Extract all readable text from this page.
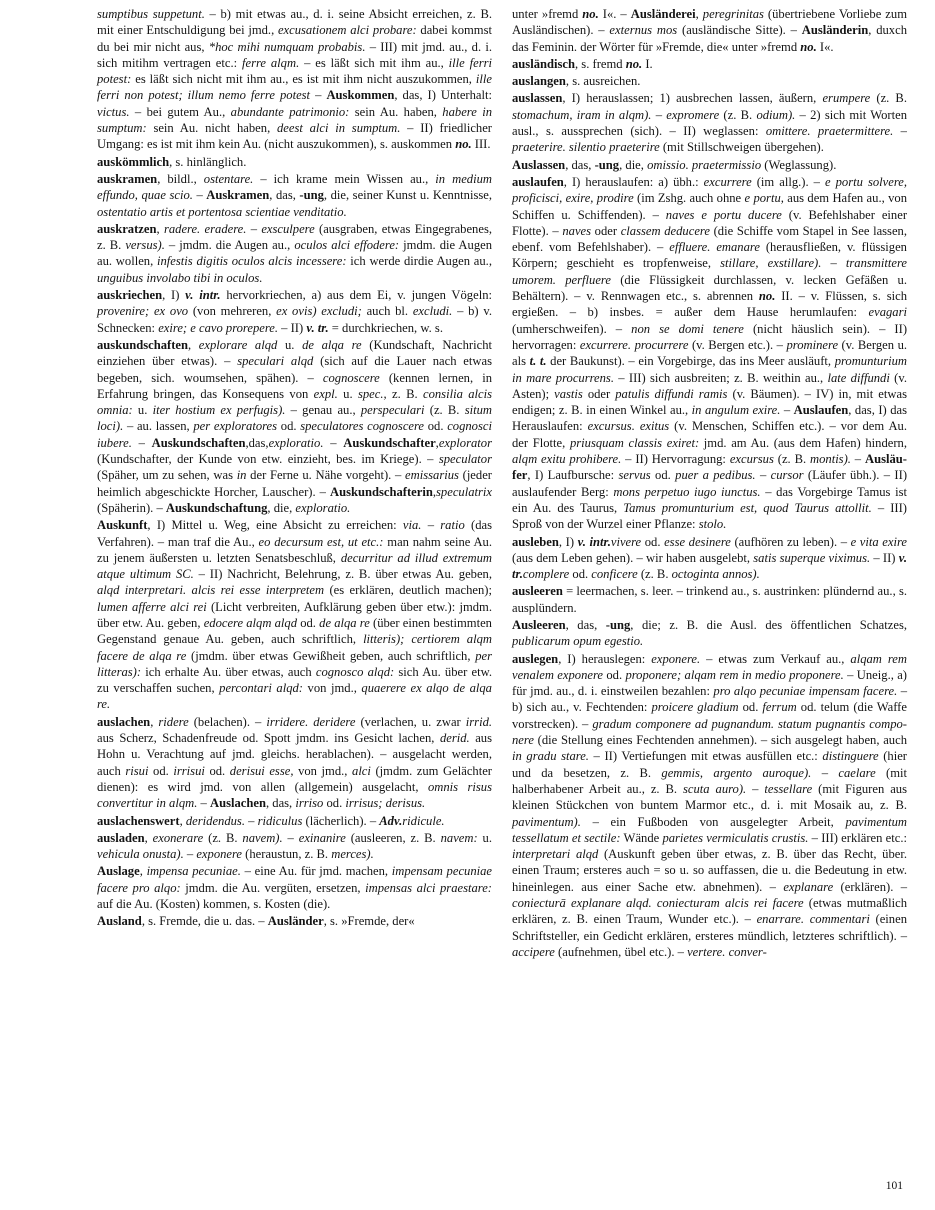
sumptibus suppetunt. – b) mit etwas au., d. i. seine Absicht erreichen, z. B. mit einer Entschuldigung bei jmd., excusationem alci probare: dabei kommst du bei mir nicht aus, *hoc mihi numquam probabis. – III) mit jmd. au., d. i. sich mitihm vertragen etc.: ferre alqm. – es läßt sich mit ihm au., ille ferri potest: es läßt sich nicht mit ihm au., es ist mit ihm nicht auszukommen, ille ferri non potest; illum nemo ferre potest – Auskommen, das, I) Unterhalt: victus. – bei gutem Au., abundante patrimonio: sein Au. haben, habere in sumptum: sein Au. nicht haben, deest alci in sumptum. – II) friedlicher Umgang: es ist mit ihm kein Au. (nicht auszukommen), s. auskommen no. III.

auskömmlich, s. hinlänglich.

auskramen, bildl., ostentare. – ich krame mein Wissen au., in medium effundo, quae scio. – Auskramen, das, -ung, die, seiner Kunst u. Kenntnisse, ostentatio artis et portentosa scientiae venditatio.

auskratzen, radere. eradere. – exsculpere (ausgraben, etwas Eingegrabenes, z. B. versus). – jmdm. die Augen au., oculos alci effodere: jmdm. die Augen au. wollen, infestis digitis oculos alcis incessere: ich werde dirdie Augen au., unguibus involabo tibi in oculos.

auskriechen, I) v. intr. hervorkriechen, a) aus dem Ei, v. jungen Vögeln: provenire; ex ovo (von mehreren, ex ovis) excludi; auch bl. excludi. – b) v. Schnecken: exire; e cavo prorepere. – II) v. tr. = durchkriechen, w. s.

auskundschaften, explorare alqd u. de alqa re (Kundschaft, Nachricht einziehen über etwas). – speculari alqd (sich auf die Lauer nach etwas begeben, sich. woumsehen, spähen). – cognoscere (kennen lernen, in Erfahrung bringen, das Konsequens von expl. u. spec., z. B. consilia alcis omnia: u. iter hostium ex perfugis). – genau au., perspeculari (z. B. situm loci). – au. lassen, per exploratores od. speculatores cognoscere od. cognosci iubere. – Auskundschaften,das,exploratio. – Auskundschafter,explorator (Kundschafter, der Kunde von etw. einzieht, bes. im Kriege). – speculator (Späher, um zu sehen, was in der Ferne u. Nähe vorgeht). – emissarius (jeder heimlich abgeschickte Horcher, Lauscher). – Auskundschafterin,speculatrix (Späherin). – Auskundschaftung, die, exploratio.

Auskunft, I) Mittel u. Weg, eine Absicht zu erreichen: via. – ratio (das Verfahren). – man traf die Au., eo decursum est, ut etc.: man nahm seine Au. zu jenem äußersten u. letzten Senatsbeschluß, decurritur ad illud extremum atque ultimum SC. – II) Nachricht, Belehrung, z. B. über etwas Au. geben, alqd interpretari. alcis rei esse interpretem (es erklären, deutlich machen); lumen afferre alci rei (Licht verbreiten, Aufklärung geben über etw.): jmdm. über etw. Au. geben, edocere alqm alqd od. de alqa re (über einen bestimmten Gegenstand genaue Au. geben, auch schriftlich, litteris); certiorem alqm facere de alqa re (jmdm. über etwas Gewißheit geben, auch schriftlich, per litteras): ich erhalte Au. über etwas, auch cognosco alqd: sich Au. über etw. zu verschaffen suchen, percontari alqd: von jmd., quaerere ex alqo de alqa re.

auslachen, ridere (belachen). – irridere. deridere (verlachen, u. zwar irrid. aus Scherz, Schadenfreude od. Spott jmdm. ins Gesicht lachen, derid. aus Hohn u. Verachtung auf jmd. gleichs. herablachen). – ausgelacht werden, auch risui od. irrisui od. derisui esse, von jmd., alci (jmdm. zum Gelächter dienen): es wird jmd. von allen (allgemein) ausgelacht, omnis risus convertitur in alqm. – Auslachen, das, irriso od. irrisus; derisus.

auslachenswert, deridendus. – ridiculus (lächerlich). – Adv.ridicule.

ausladen, exonerare (z. B. navem). – exinanire (ausleeren, z. B. navem: u. vehicula onusta). – exponere (heraustun, z. B. merces).

Auslage, impensa pecuniae. – eine Au. für jmd. machen, impensam pecuniae facere pro alqo: jmdm. die Au. vergüten, ersetzen, impensas alci praestare: auf die Au. (Kosten) kommen, s. Kosten (die).

Ausland, s. Fremde, die u. das. – Ausländer, s. »Fremde, der«

unter »fremd no. I«. – Ausländerei, peregrinitas (übertriebene Vorliebe zum Ausländischen). – externus mos (ausländische Sitte). – Ausländerin, duxch das Feminin. der Wörter für »Fremde, die« unter »fremd no. I«.

ausländisch, s. fremd no. I.

auslangen, s. ausreichen.

auslassen, I) herauslassen; 1) ausbrechen lassen, äußern, erumpere (z. B. stomachum, iram in alqm). – expromere (z. B. odium). – 2) sich mit Worten ausl., s. aussprechen (sich). – II) weglassen: omittere. praetermittere. – praeterire. silentio praeterire (mit Stillschweigen übergehen).

Auslassen, das, -ung, die, omissio. praetermissio (Weglassung).

auslaufen, I) herauslaufen: a) übh.: excurrere (im allg.). – e portu solvere, proficisci, exire, prodire (im Zshg. auch ohne e portu, aus dem Hafen au., von Schiffen u. Schiffenden). – naves e portu ducere (v. Befehlshaber einer Flotte). – naves oder classem deducere (die Schiffe vom Stapel in See lassen, ebenf. vom Befehlshaber). – effluere. emanare (herausfließen, v. flüssigen Körpern; geschieht es tropfenweise, stillare, exstillare). – transmittere umorem. perfluere (die Flüssigkeit durchlassen, v. lecken Gefäßen u. Behältern). – v. Rennwagen etc., s. abrennen no. II. – v. Flüssen, s. sich ergießen. – b) insbes. = außer dem Hause herumlaufen: evagari (umherschweifen). – non se domi tenere (nicht häuslich sein). – II) hervorragen: excurrere. procurrere (v. Bergen etc.). – prominere (v. Bergen u. als t. t. der Baukunst). – ein Vorgebirge, das ins Meer ausläuft, promunturium in mare procurrens. – III) sich ausbreiten; z. B. weithin au., late diffundi (v. Asten); vastis oder patulis diffundi ramis (v. Bäumen). – IV) in, mit etwas endigen; z. B. in einen Winkel au., in angulum exire. – Auslaufen, das, I) das Herauslaufen: excursus. exitus (v. Menschen, Schiffen etc.). – vor dem Au. der Flotte, priusquam classis exiret: jmd. am Au. (aus dem Hafen) hindern, alqm exitu prohibere. – II) Hervorragung: excursus (z. B. montis). – Ausläufer, I) Laufbursche: servus od. puer a pedibus. – cursor (Läufer übh.). – II) auslaufender Berg: mons perpetuo iugo iunctus. – das Vorgebirge Tamus ist ein Au. des Taurus, Tamus promunturium est, quod Taurus attollit. – III) Sproß von der Wurzel einer Pflanze: stolo.

ausleben, I) v. intr.vivere od. esse desinere (aufhören zu leben). – e vita exire (aus dem Leben gehen). – wir haben ausgelebt, satis superque viximus. – II) v. tr.complere od. conficere (z. B. octoginta annos).

ausleeren = leermachen, s. leer. – trinkend au., s. austrinken: plündernd au., s. ausplündern.

Ausleeren, das, -ung, die; z. B. die Ausl. des öffentlichen Schatzes, publicarum opum egestio.

auslegen, I) herauslegen: exponere. – etwas zum Verkauf au., alqam rem venalem exponere od. proponere; alqam rem in medio proponere. – Uneig., a) für jmd. au., d. i. einstweilen bezahlen: pro alqo pecuniae impensam facere. – b) sich au., v. Fechtenden: proicere gladium od. ferrum od. telum (die Waffe vorstrecken). – gradum componere ad pugnandum. statum pugnantis componere (die Stellung eines Fechtenden annehmen). – sich ausgelegt haben, auch in gradu stare. – II) Vertiefungen mit etwas ausfüllen etc.: distinguere (hier und da besetzen, z. B. gemmis, argento auroque). – caelare (mit halberhabener Arbeit au., z. B. scuta auro). – tessellare (mit Figuren aus kleinen Stückchen von buntem Marmor etc., d. i. mit Mosaik au, z. B. pavimentum). – ein Fußboden von ausgelegter Arbeit, pavimentum tessellatum et sectile: Wände parietes vermiculatis crustis. – III) erklären etc.: interpretari alqd (Auskunft geben über etwas, z. B. über das Recht, über. einen Traum; ersteres auch = so u. so auffassen, die u. die Bedeutung in etw. hineinlegen. aus einer Sache etw. abnehmen). – explanare (erklären). – coniecturā explanare alqd. coniecturam alcis rei facere (etwas mutmaßlich erklären, z. B. einen Traum, Wunder etc.). – enarrare. commentari (einen Schriftsteller, ein Gedicht erklären, ersteres mündlich, letzteres schriftlich). – accipere (aufnehmen, übel etc.). – vertere. conver-

101
